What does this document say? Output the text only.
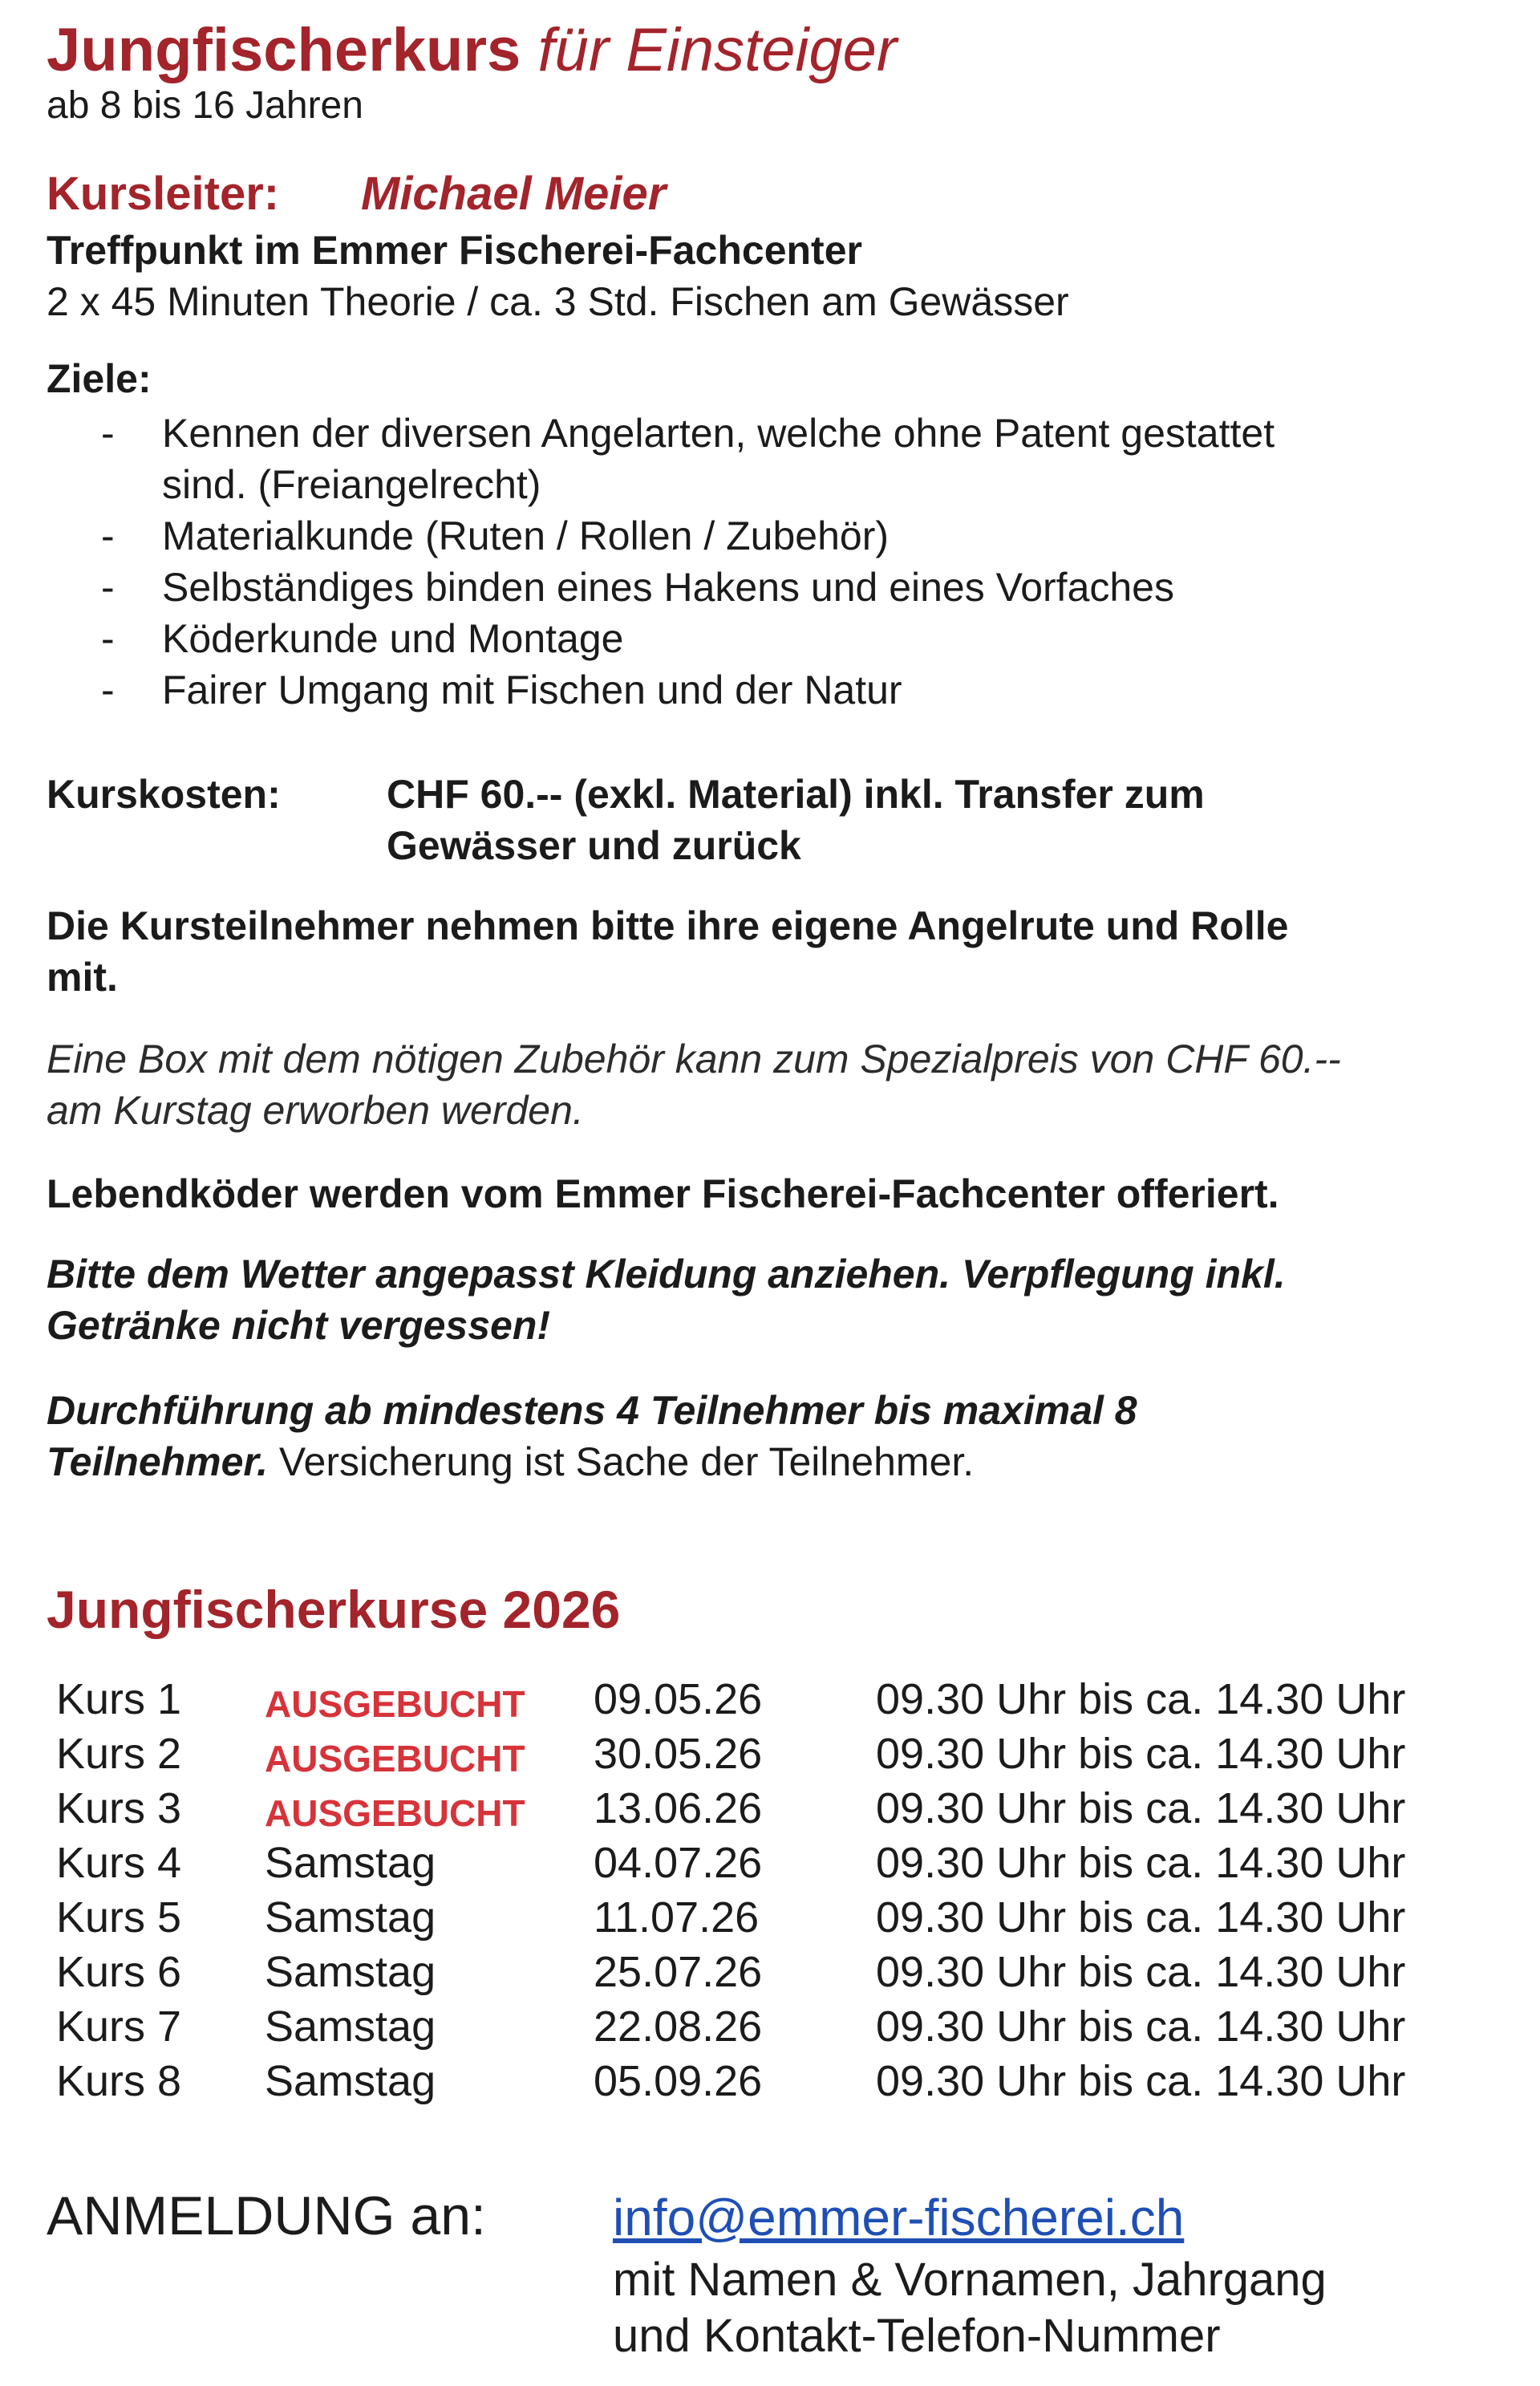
Jungfischerkurs für Einsteiger
ab 8 bis 16 Jahren
Kursleiter: Michael Meier
Treffpunkt im Emmer Fischerei-Fachcenter
2 x 45 Minuten Theorie / ca. 3 Std. Fischen am Gewässer
Ziele:
- Kennen der diversen Angelarten, welche ohne Patent gestattet
sind. (Freiangelrecht)
- Materialkunde (Ruten / Rollen / Zubehör)
- Selbständiges binden eines Hakens und eines Vorfaches
- Köderkunde und Montage
- Fairer Umgang mit Fischen und der Natur
Kurskosten:	CHF 60.-- (exkl. Material) inkl. Transfer zum
Gewässer und zurück
Die Kursteilnehmer nehmen bitte ihre eigene Angelrute und Rolle
mit.
Eine Box mit dem nötigen Zubehör kann zum Spezialpreis von CHF 60.--
am Kurstag erworben werden.
Lebendköder werden vom Emmer Fischerei-Fachcenter offeriert.
Bitte dem Wetter angepasst Kleidung anziehen. Verpflegung inkl.
Getränke nicht vergessen!
Durchführung ab mindestens 4 Teilnehmer bis maximal 8
Teilnehmer. Versicherung ist Sache der Teilnehmer.
Jungfischerkurse 2026
Kurs 1 AUSGEBUCHT 09.05.26	09.30 Uhr bis ca. 14.30 Uhr
Kurs 2 AUSGEBUCHT 30.05.26	09.30 Uhr bis ca. 14.30 Uhr
Kurs 3 AUSGEBUCHT 13.06.26	09.30 Uhr bis ca. 14.30 Uhr
Kurs 4 Samstag	04.07.26	09.30 Uhr bis ca. 14.30 Uhr
Kurs 5 Samstag	11.07.26	09.30 Uhr bis ca. 14.30 Uhr
Kurs 6 Samstag	25.07.26	09.30 Uhr bis ca. 14.30 Uhr
Kurs 7 Samstag	22.08.26	09.30 Uhr bis ca. 14.30 Uhr
Kurs 8 Samstag	05.09.26	09.30 Uhr bis ca. 14.30 Uhr
ANMELDUNG an: info@emmer-fischerei.ch
mit Namen & Vornamen, Jahrgang
und Kontakt-Telefon-Nummer
